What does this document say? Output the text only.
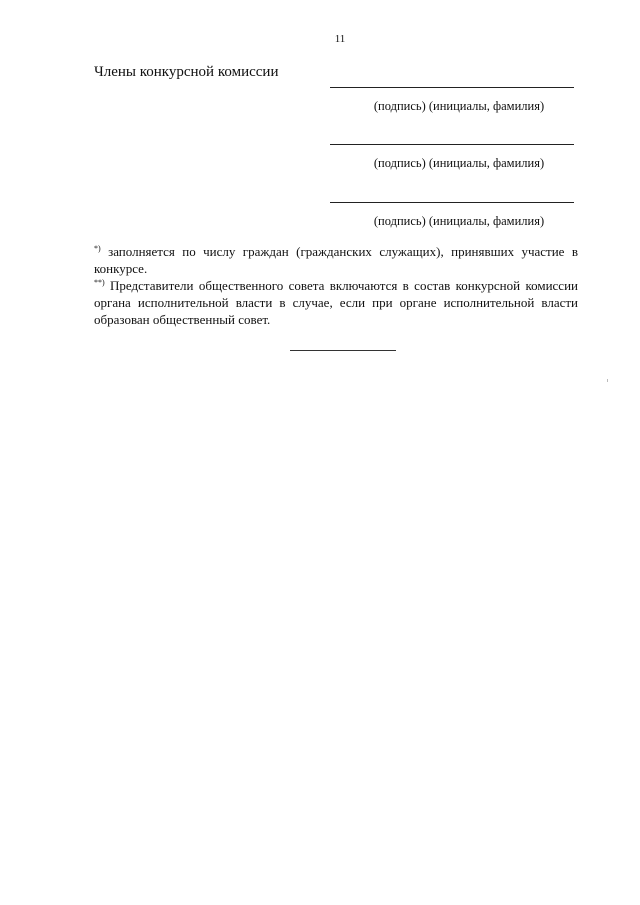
11
Члены конкурсной комиссии
(подпись) (инициалы, фамилия)
(подпись) (инициалы, фамилия)
(подпись) (инициалы, фамилия)

*) заполняется по числу граждан (гражданских служащих), принявших участие в конкурсе.

**) Представители общественного совета включаются в состав конкурсной комиссии органа исполнительной власти в случае, если при органе исполнительной власти образован общественный совет.
